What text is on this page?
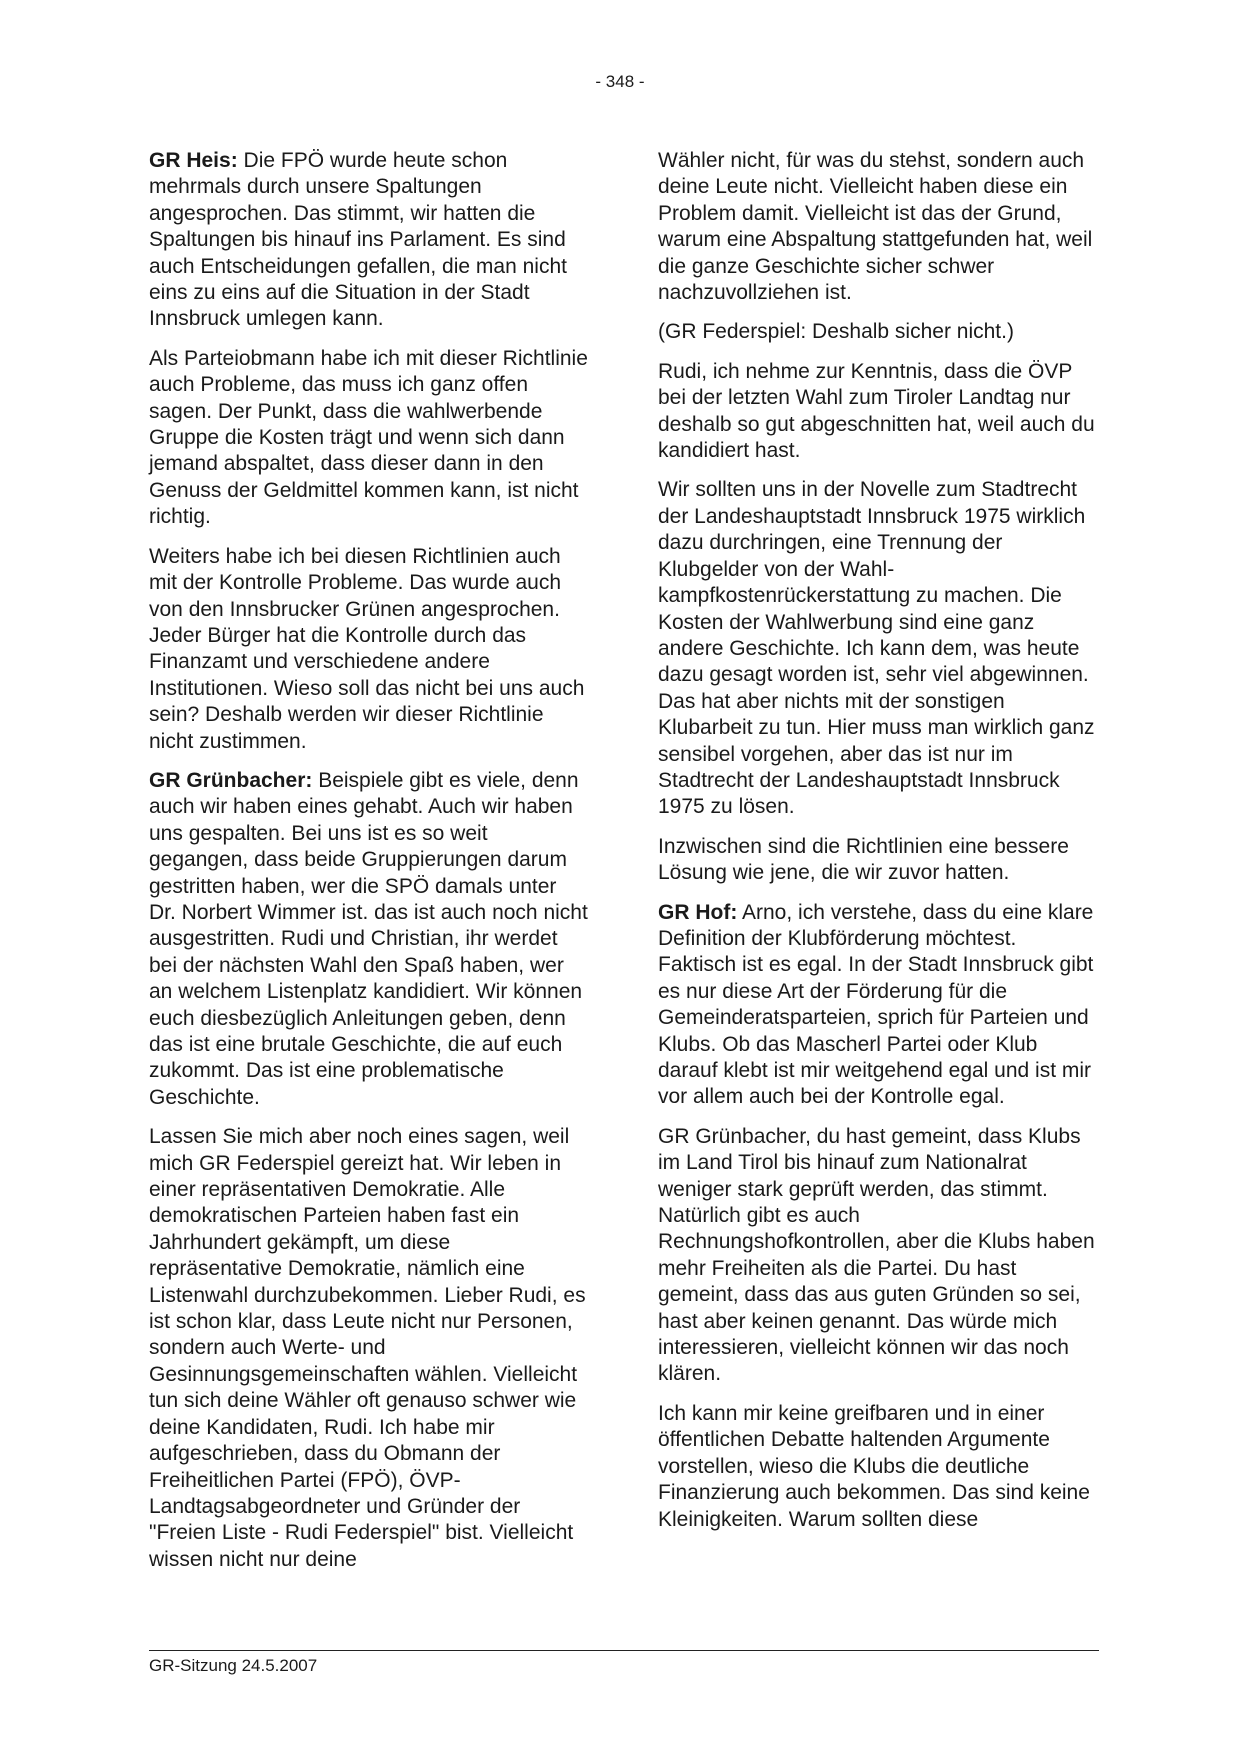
- 348 -

GR Heis: Die FPÖ wurde heute schon mehrmals durch unsere Spaltungen angesprochen. Das stimmt, wir hatten die Spaltungen bis hinauf ins Parlament. Es sind auch Entscheidungen gefallen, die man nicht eins zu eins auf die Situation in der Stadt Innsbruck umlegen kann.

Als Parteiobmann habe ich mit dieser Richtlinie auch Probleme, das muss ich ganz offen sagen. Der Punkt, dass die wahlwerbende Gruppe die Kosten trägt und wenn sich dann jemand abspaltet, dass dieser dann in den Genuss der Geldmittel kommen kann, ist nicht richtig.

Weiters habe ich bei diesen Richtlinien auch mit der Kontrolle Probleme. Das wurde auch von den Innsbrucker Grünen angesprochen. Jeder Bürger hat die Kontrolle durch das Finanzamt und verschiedene andere Institutionen. Wieso soll das nicht bei uns auch sein? Deshalb werden wir dieser Richtlinie nicht zustimmen.

GR Grünbacher: Beispiele gibt es viele, denn auch wir haben eines gehabt. Auch wir haben uns gespalten. Bei uns ist es so weit gegangen, dass beide Gruppierungen darum gestritten haben, wer die SPÖ damals unter Dr. Norbert Wimmer ist. das ist auch noch nicht ausgestritten. Rudi und Christian, ihr werdet bei der nächsten Wahl den Spaß haben, wer an welchem Listenplatz kandidiert. Wir können euch diesbezüglich Anleitungen geben, denn das ist eine brutale Geschichte, die auf euch zukommt. Das ist eine problematische Geschichte.

Lassen Sie mich aber noch eines sagen, weil mich GR Federspiel gereizt hat. Wir leben in einer repräsentativen Demokratie. Alle demokratischen Parteien haben fast ein Jahrhundert gekämpft, um diese repräsentative Demokratie, nämlich eine Listenwahl durchzubekommen. Lieber Rudi, es ist schon klar, dass Leute nicht nur Personen, sondern auch Werte- und Gesinnungsgemeinschaften wählen. Vielleicht tun sich deine Wähler oft genauso schwer wie deine Kandidaten, Rudi. Ich habe mir aufgeschrieben, dass du Obmann der Freiheitlichen Partei (FPÖ), ÖVP-Landtagsabgeordneter und Gründer der "Freien Liste - Rudi Federspiel" bist. Vielleicht wissen nicht nur deine

Wähler nicht, für was du stehst, sondern auch deine Leute nicht. Vielleicht haben diese ein Problem damit. Vielleicht ist das der Grund, warum eine Abspaltung stattgefunden hat, weil die ganze Geschichte sicher schwer nachzuvollziehen ist.

(GR Federspiel: Deshalb sicher nicht.)

Rudi, ich nehme zur Kenntnis, dass die ÖVP bei der letzten Wahl zum Tiroler Landtag nur deshalb so gut abgeschnitten hat, weil auch du kandidiert hast.

Wir sollten uns in der Novelle zum Stadtrecht der Landeshauptstadt Innsbruck 1975 wirklich dazu durchringen, eine Trennung der Klubgelder von der Wahlkampfkostenrückerstattung zu machen. Die Kosten der Wahlwerbung sind eine ganz andere Geschichte. Ich kann dem, was heute dazu gesagt worden ist, sehr viel abgewinnen. Das hat aber nichts mit der sonstigen Klubarbeit zu tun. Hier muss man wirklich ganz sensibel vorgehen, aber das ist nur im Stadtrecht der Landeshauptstadt Innsbruck 1975 zu lösen.

Inzwischen sind die Richtlinien eine bessere Lösung wie jene, die wir zuvor hatten.

GR Hof: Arno, ich verstehe, dass du eine klare Definition der Klubförderung möchtest. Faktisch ist es egal. In der Stadt Innsbruck gibt es nur diese Art der Förderung für die Gemeinderatsparteien, sprich für Parteien und Klubs. Ob das Mascherl Partei oder Klub darauf klebt ist mir weitgehend egal und ist mir vor allem auch bei der Kontrolle egal.

GR Grünbacher, du hast gemeint, dass Klubs im Land Tirol bis hinauf zum Nationalrat weniger stark geprüft werden, das stimmt. Natürlich gibt es auch Rechnungshofkontrollen, aber die Klubs haben mehr Freiheiten als die Partei. Du hast gemeint, dass das aus guten Gründen so sei, hast aber keinen genannt. Das würde mich interessieren, vielleicht können wir das noch klären.

Ich kann mir keine greifbaren und in einer öffentlichen Debatte haltenden Argumente vorstellen, wieso die Klubs die deutliche Finanzierung auch bekommen. Das sind keine Kleinigkeiten. Warum sollten diese

GR-Sitzung 24.5.2007
